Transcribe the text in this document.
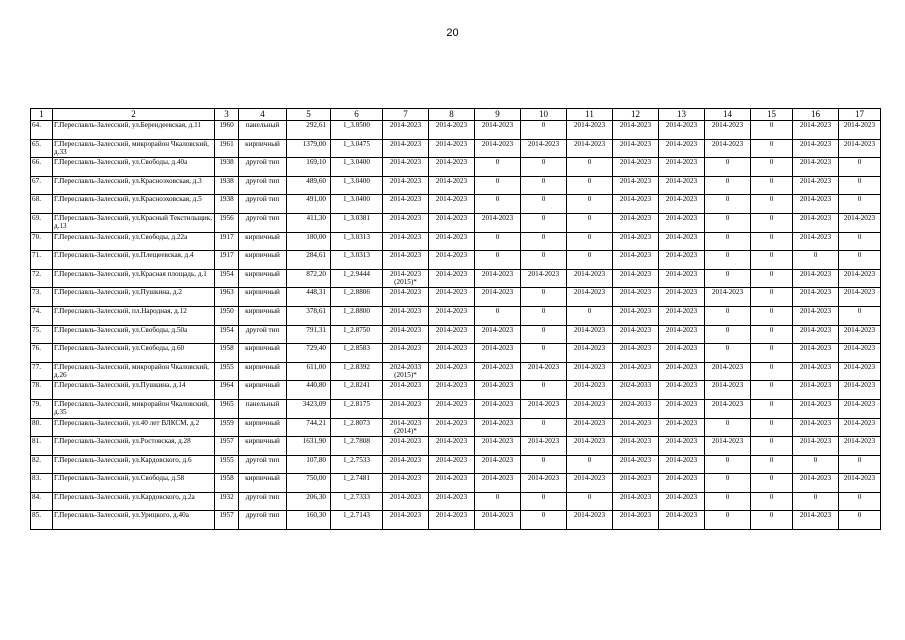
20
1	2	3	4	5	6	7	8	9	10	11	12	13	14	15	16	17
64.	Г.Переславль-Залесский, ул.Берендеевская, д.11	1960	панельный	292,61	1_3.0500	2014-2023	2014-2023	2014-2023	0	2014-2023	2014-2023	2014-2023	2014-2023	0	2014-2023	2014-2023
65.	Г.Переславль-Залесский, микрорайон Чкаловский, д.33	1961	кирпичный	1379,00	1_3.0475	2014-2023	2014-2023	2014-2023	2014-2023	2014-2023	2014-2023	2014-2023	2014-2023	0	2014-2023	2014-2023
66.	Г.Переславль-Залесский, ул.Свободы, д.40а	1938	другой тип	169,10	1_3.0400	2014-2023	2014-2023	0	0	0	2014-2023	2014-2023	0	0	2014-2023	0
67.	Г.Переславль-Залесский, ул.Красноэховская, д.3	1938	другой тип	489,60	1_3.0400	2014-2023	2014-2023	0	0	0	2014-2023	2014-2023	0	0	2014-2023	0
68.	Г.Переславль-Залесский, ул.Красноэховская, д.5	1938	другой тип	491,00	1_3.0400	2014-2023	2014-2023	0	0	0	2014-2023	2014-2023	0	0	2014-2023	0
69.	Г.Переславль-Залесский, ул.Красный Текстильщик, д.13	1956	другой тип	411,30	1_3.0381	2014-2023	2014-2023	2014-2023	0	0	2014-2023	2014-2023	0	0	2014-2023	2014-2023
70.	Г.Переславль-Залесский, ул.Свободы, д.22а	1917	кирпичный	180,00	1_3.0313	2014-2023	2014-2023	0	0	0	2014-2023	2014-2023	0	0	2014-2023	0
71.	Г.Переславль-Залесский, ул.Плещеевская, д.4	1917	кирпичный	284,61	1_3.0313	2014-2023	2014-2023	0	0	0	2014-2023	2014-2023	0	0	0	0
72.	Г.Переславль-Залесский, ул.Красная площадь, д.1	1954	кирпичный	872,20	1_2.9444	2014-2023 (2015)*	2014-2023	2014-2023	2014-2023	2014-2023	2014-2023	2014-2023	0	0	2014-2023	2014-2023
73.	Г.Переславль-Залесский, ул.Пушкина, д.2	1963	кирпичный	448,31	1_2.8806	2014-2023	2014-2023	2014-2023	0	2014-2023	2014-2023	2014-2023	2014-2023	0	2014-2023	2014-2023
74.	Г.Переславль-Залесский, пл.Народная, д.12	1950	кирпичный	378,61	1_2.8800	2014-2023	2014-2023	0	0	0	2014-2023	2014-2023	0	0	2014-2023	0
75.	Г.Переславль-Залесский, ул.Свободы, д.50а	1954	другой тип	791,31	1_2.8750	2014-2023	2014-2023	2014-2023	0	2014-2023	2014-2023	2014-2023	0	0	2014-2023	2014-2023
76.	Г.Переславль-Залесский, ул.Свободы, д.60	1958	кирпичный	729,40	1_2.8583	2014-2023	2014-2023	2014-2023	0	2014-2023	2014-2023	2014-2023	0	0	2014-2023	2014-2023
77.	Г.Переславль-Залесский, микрорайон Чкаловский, д.26	1955	кирпичный	611,00	1_2.8392	2024-2033 (2015)*	2014-2023	2014-2023	2014-2023	2014-2023	2014-2023	2014-2023	2014-2023	0	2014-2023	2014-2023
78.	Г.Переславль-Залесский, ул.Пушкина, д.14	1964	кирпичный	440,80	1_2.8241	2014-2023	2014-2023	2014-2023	0	2014-2023	2024-2033	2014-2023	2014-2023	0	2014-2023	2014-2023
79.	Г.Переславль-Залесский, микрорайон Чкаловский, д.35	1965	панельный	3423,09	1_2.8175	2014-2023	2014-2023	2014-2023	2014-2023	2014-2023	2024-2033	2014-2023	2014-2023	0	2014-2023	2014-2023
80.	Г.Переславль-Залесский, ул.40 лет ВЛКСМ, д.2	1959	кирпичный	744,21	1_2.8073	2014-2023 (2014)*	2014-2023	2014-2023	0	2014-2023	2014-2023	2014-2023	0	0	2014-2023	2014-2023
81.	Г.Переславль-Залесский, ул.Ростовская, д.28	1957	кирпичный	1631,90	1_2.7808	2014-2023	2014-2023	2014-2023	2014-2023	2014-2023	2014-2023	2014-2023	2014-2023	0	2014-2023	2014-2023
82.	Г.Переславль-Залесский, ул.Кардовского, д.6	1955	другой тип	107,80	1_2.7533	2014-2023	2014-2023	2014-2023	0	0	2014-2023	2014-2023	0	0	0	0
83.	Г.Переславль-Залесский, ул.Свободы, д.58	1958	кирпичный	750,00	1_2.7481	2014-2023	2014-2023	2014-2023	2014-2023	2014-2023	2014-2023	2014-2023	0	0	2014-2023	2014-2023
84.	Г.Переславль-Залесский, ул.Кардовского, д.2а	1932	другой тип	206,30	1_2.7333	2014-2023	2014-2023	0	0	0	2014-2023	2014-2023	0	0	0	0
85.	Г.Переславль-Залесский, ул.Урицкого, д.40а	1957	другой тип	160,30	1_2.7143	2014-2023	2014-2023	2014-2023	0	2014-2023	2014-2023	2014-2023	0	0	2014-2023	0
